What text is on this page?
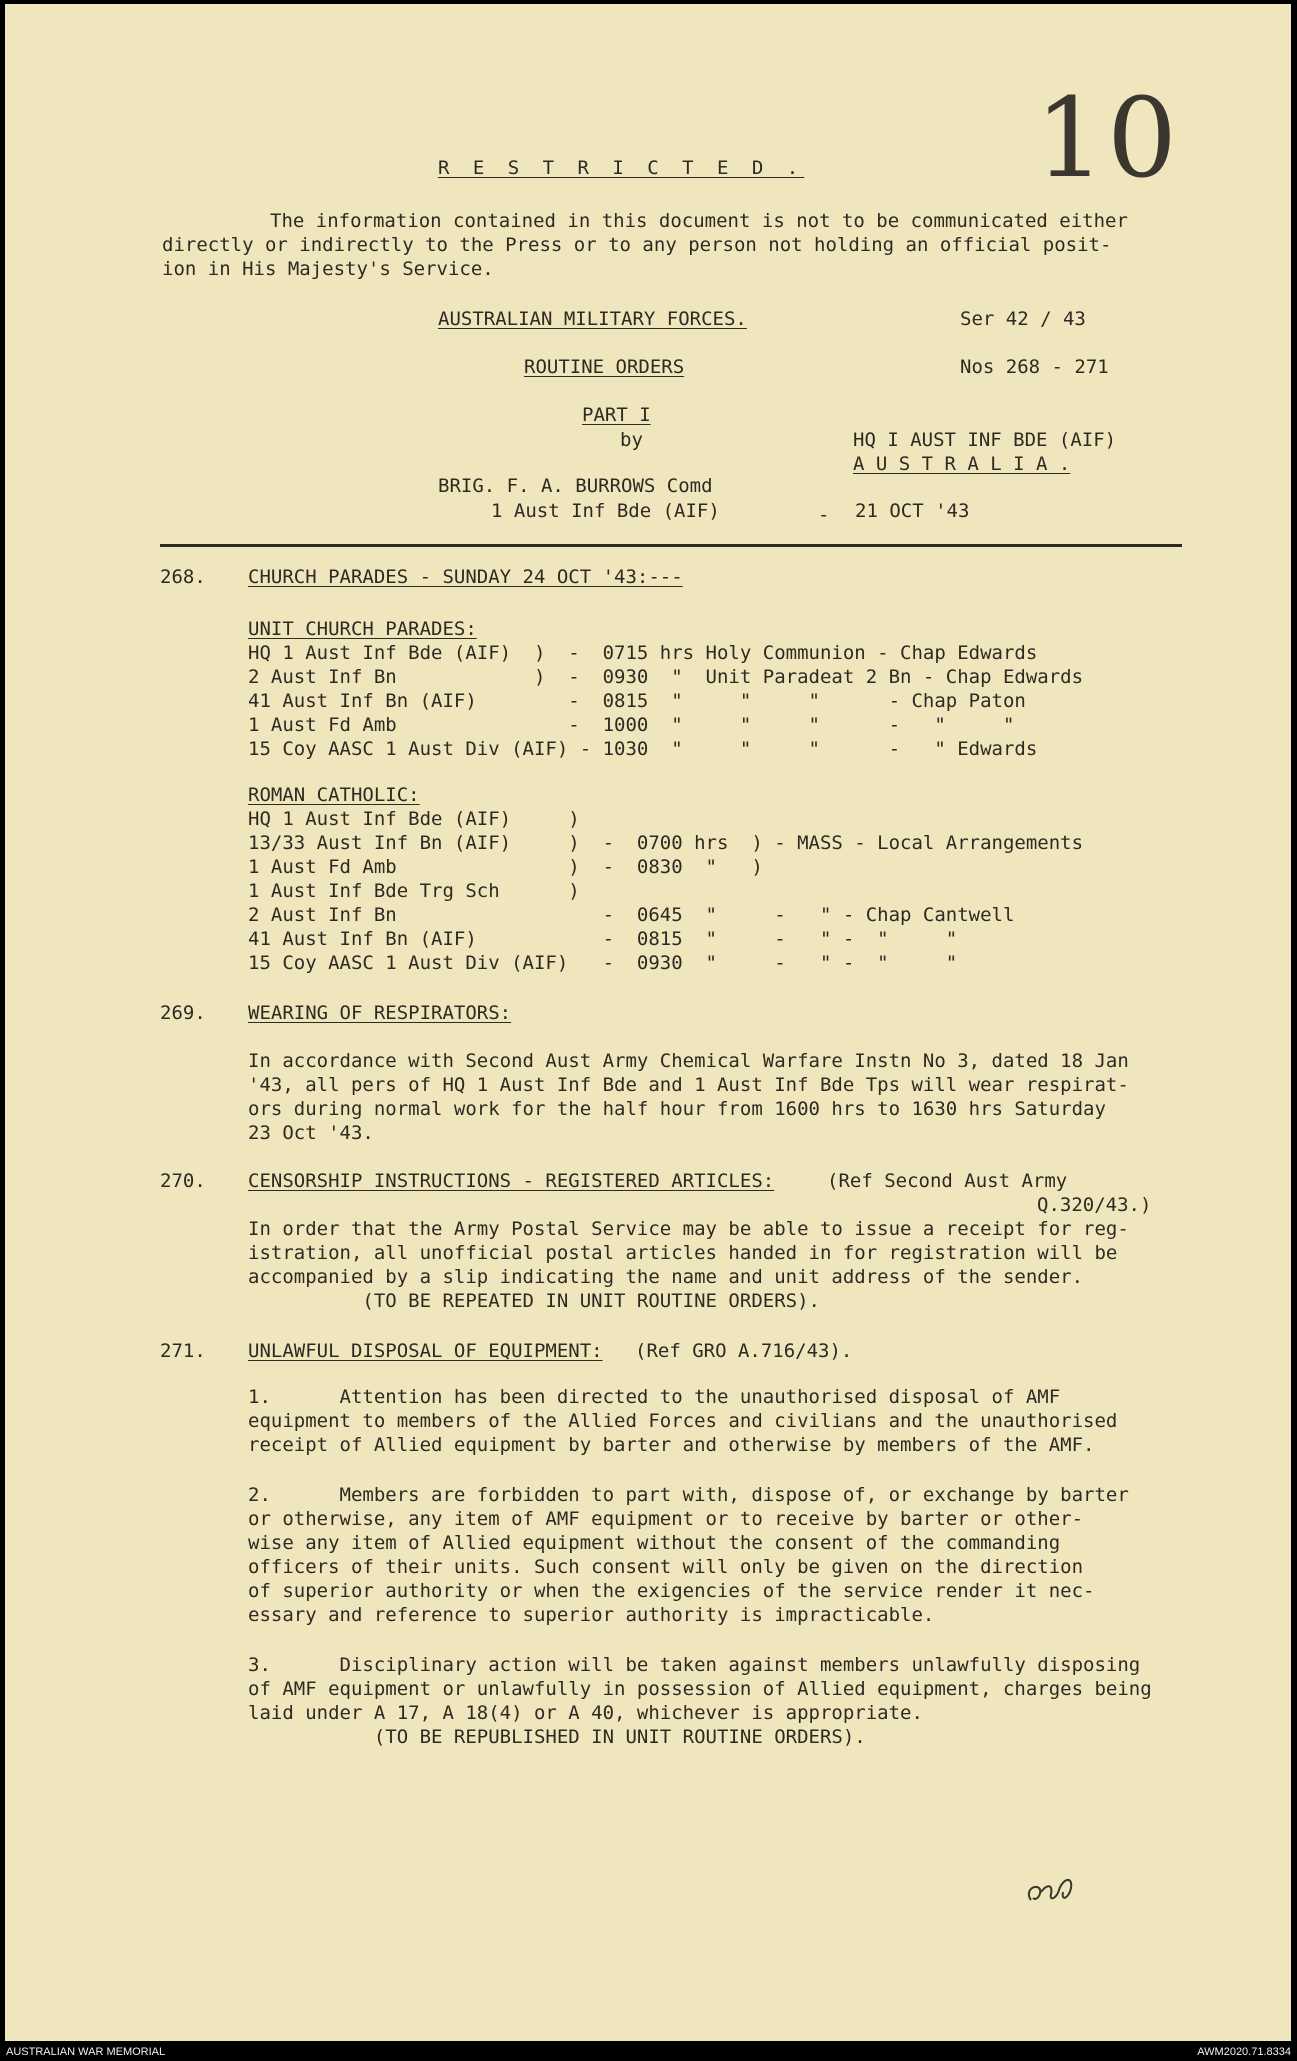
10
R E S T R I C T E D .
The information contained in this document is not to be communicated either
directly or indirectly to the Press or to any person not holding an official posit-
ion in His Majesty's Service.
AUSTRALIAN MILITARY FORCES.	Ser 42 / 43
ROUTINE ORDERS	Nos 268 - 271
PART I
by	HQ I AUST INF BDE (AIF)
A U S T R A L I A .
BRIG. F. A. BURROWS Comd
1 Aust Inf Bde (AIF)	- 21 OCT '43
268. CHURCH PARADES - SUNDAY 24 OCT '43:---
UNIT CHURCH PARADES:
HQ 1 Aust Inf Bde (AIF)  )  -  0715 hrs Holy Communion - Chap Edwards
2 Aust Inf Bn            )  -  0930  "  Unit Paradeat 2 Bn - Chap Edwards
41 Aust Inf Bn (AIF)        -  0815  "     "     "      - Chap Paton
1 Aust Fd Amb               -  1000  "     "     "      -   "     "
15 Coy AASC 1 Aust Div (AIF) - 1030  "     "     "      -   " Edwards
ROMAN CATHOLIC:
HQ 1 Aust Inf Bde (AIF)     )
13/33 Aust Inf Bn (AIF)     )  -  0700 hrs  ) - MASS - Local Arrangements
1 Aust Fd Amb               )  -  0830  "   )
1 Aust Inf Bde Trg Sch      )
2 Aust Inf Bn                  -  0645  "     -   " - Chap Cantwell
41 Aust Inf Bn (AIF)           -  0815  "     -   " -  "     "
15 Coy AASC 1 Aust Div (AIF)   -  0930  "     -   " -  "     "
269. WEARING OF RESPIRATORS:
In accordance with Second Aust Army Chemical Warfare Instn No 3, dated 18 Jan
'43, all pers of HQ 1 Aust Inf Bde and 1 Aust Inf Bde Tps will wear respirat-
ors during normal work for the half hour from 1600 hrs to 1630 hrs Saturday
23 Oct '43.
270. CENSORSHIP INSTRUCTIONS - REGISTERED ARTICLES:	(Ref Second Aust Army
Q.320/43.)
In order that the Army Postal Service may be able to issue a receipt for reg-
istration, all unofficial postal articles handed in for registration will be
accompanied by a slip indicating the name and unit address of the sender.
(TO BE REPEATED IN UNIT ROUTINE ORDERS).
271. UNLAWFUL DISPOSAL OF EQUIPMENT: (Ref GRO A.716/43).
1.      Attention has been directed to the unauthorised disposal of AMF
equipment to members of the Allied Forces and civilians and the unauthorised
receipt of Allied equipment by barter and otherwise by members of the AMF.
2.      Members are forbidden to part with, dispose of, or exchange by barter
or otherwise, any item of AMF equipment or to receive by barter or other-
wise any item of Allied equipment without the consent of the commanding
officers of their units. Such consent will only be given on the direction
of superior authority or when the exigencies of the service render it nec-
essary and reference to superior authority is impracticable.
3.      Disciplinary action will be taken against members unlawfully disposing
of AMF equipment or unlawfully in possession of Allied equipment, charges being
laid under A 17, A 18(4) or A 40, whichever is appropriate.
(TO BE REPUBLISHED IN UNIT ROUTINE ORDERS).
AUSTRALIAN WAR MEMORIAL	AWM2020.71.8334
